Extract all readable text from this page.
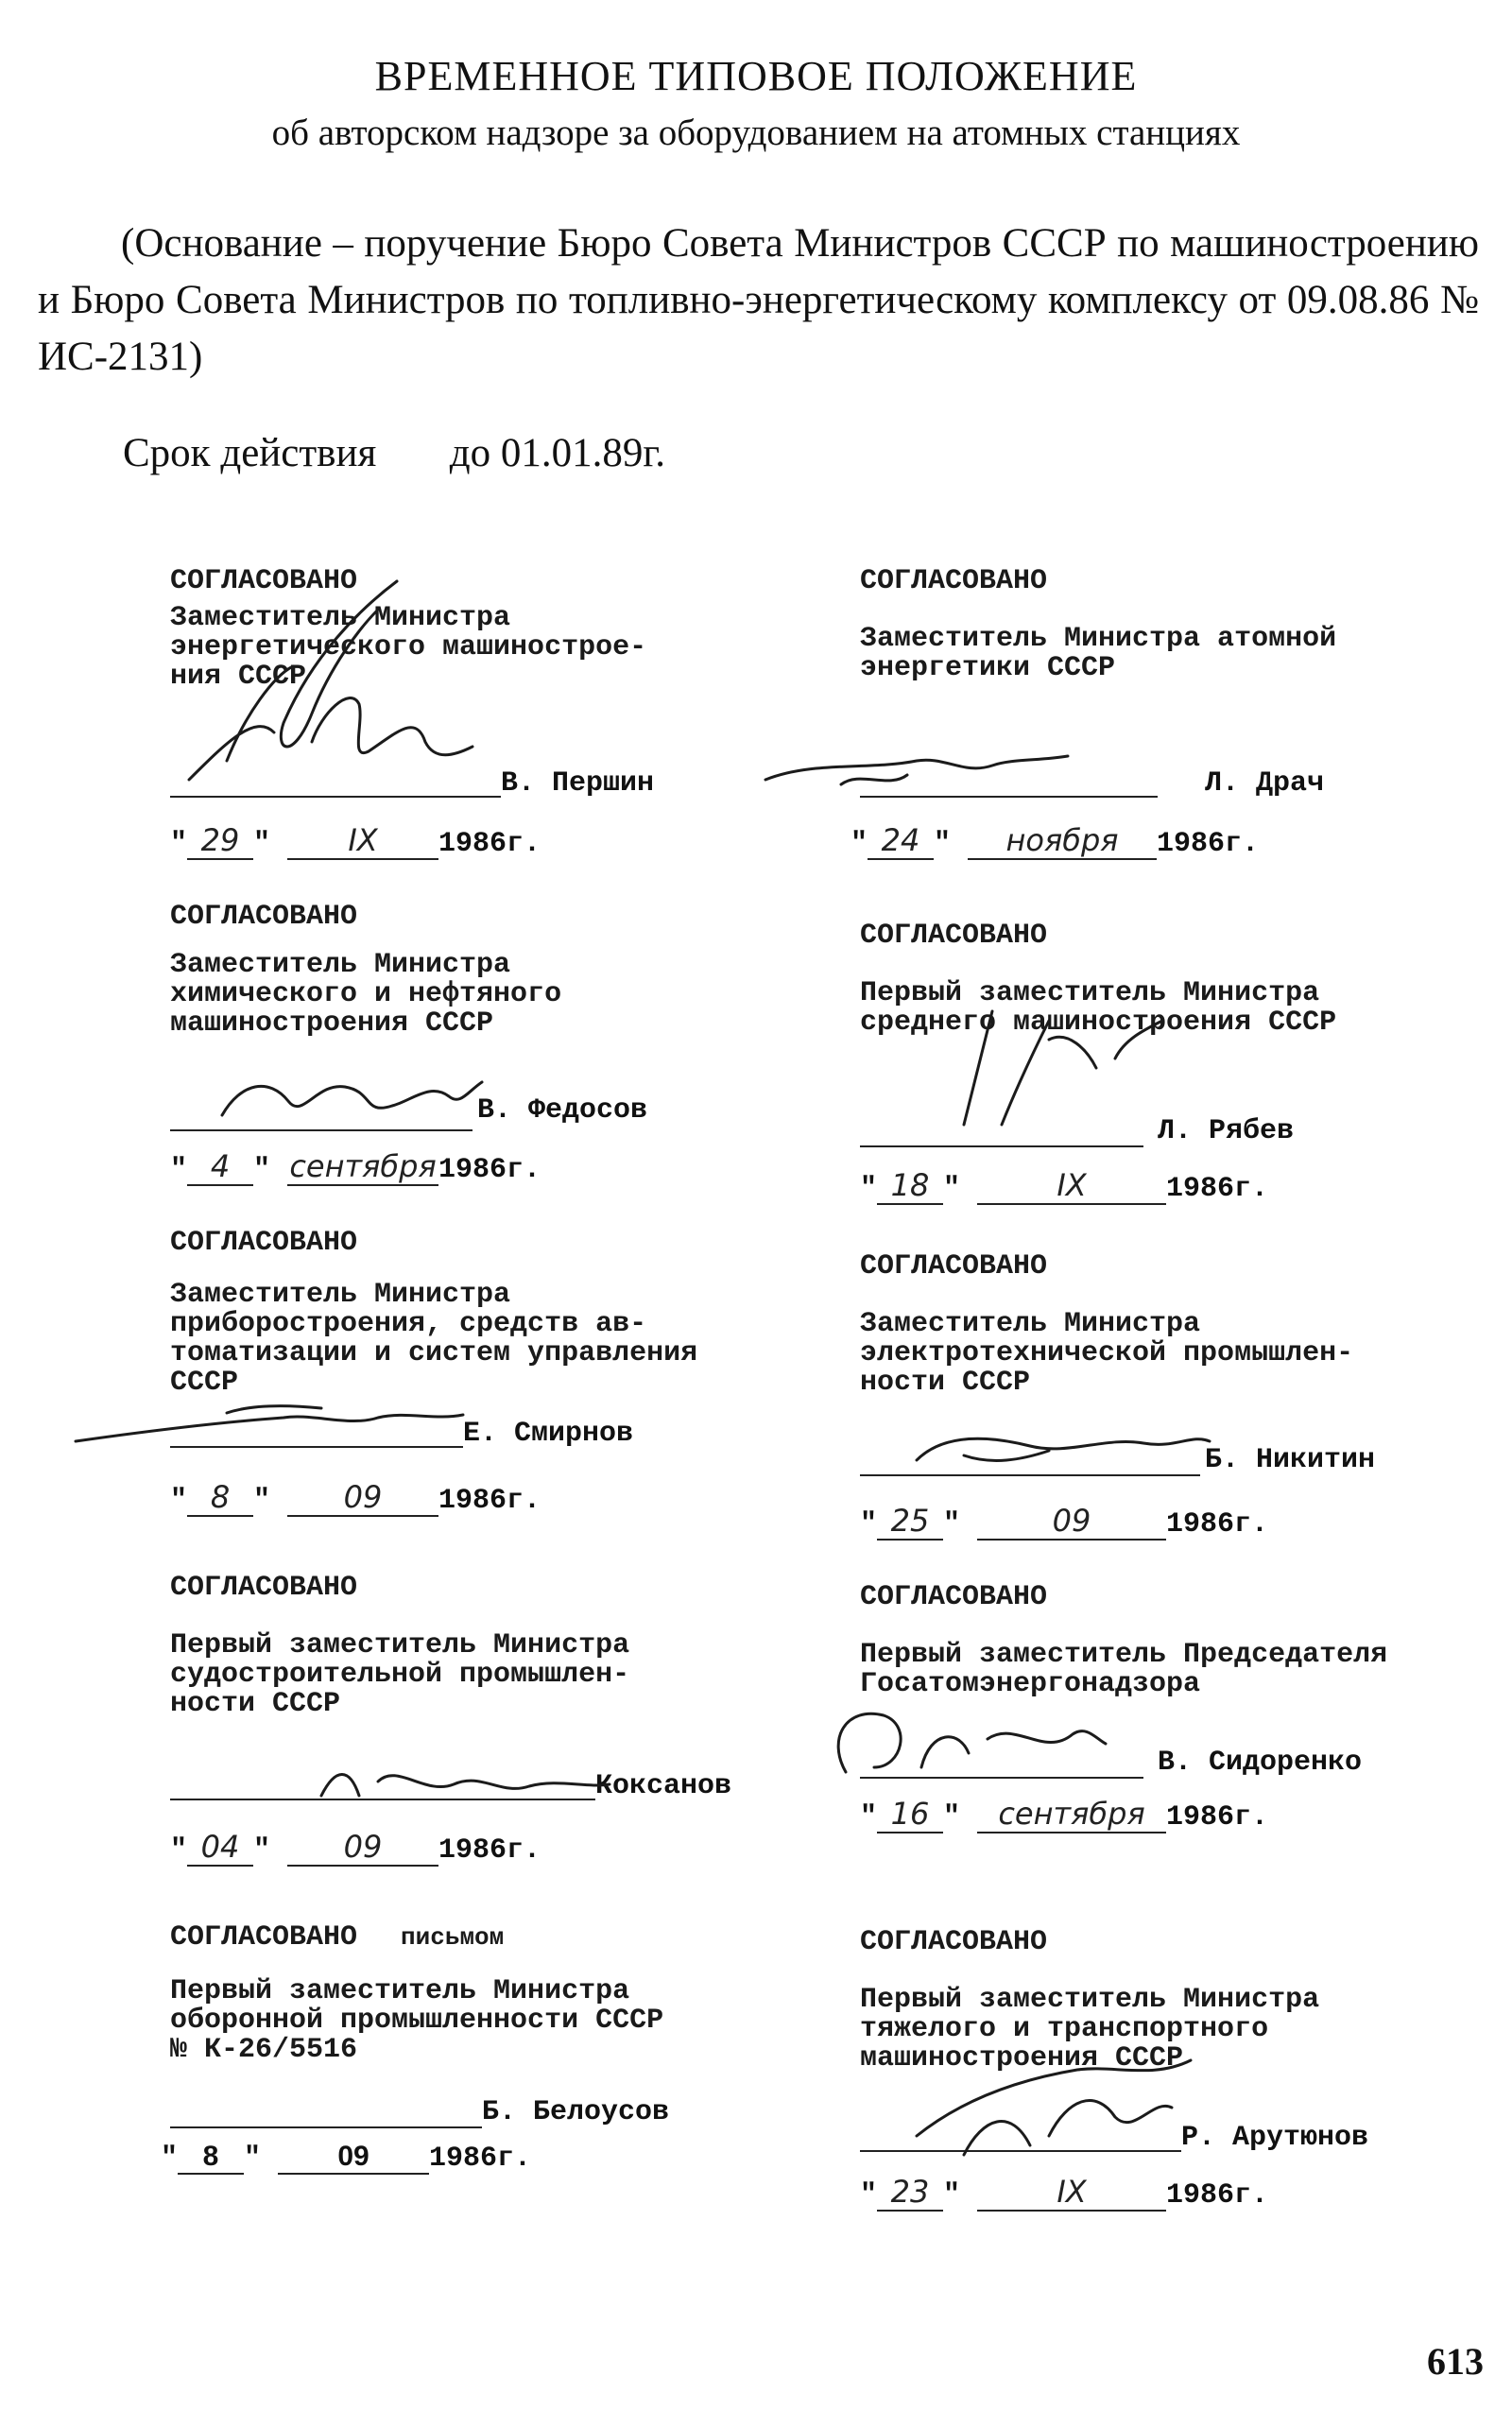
ВРЕМЕННОЕ ТИПОВОЕ ПОЛОЖЕНИЕ
об авторском надзоре за оборудованием на атомных станциях
(Основание – поручение Бюро Совета Министров СССР по машиностроению и Бюро Совета Министров по топливно-энергетическому комплексу от 09.08.86 № ИС-2131)
Срок действия до 01.01.89г.
СОГЛАСОВАНО
Заместитель Министра
энергетического машинострое-
ния СССР
В. Першин
" 29 " IX 1986г.
СОГЛАСОВАНО
Заместитель Министра
химического и нефтяного
машиностроения СССР
В. Федосов
" 4 " сентября1986г.
СОГЛАСОВАНО
Заместитель Министра
приборостроения, средств ав-
томатизации и систем управления
СССР
Е. Смирнов
" 8 " 09 1986г.
СОГЛАСОВАНО
Первый заместитель Министра
судостроительной промышлен-
ности СССР
Коксанов
" 04 " 09 1986г.
СОГЛАСОВАНО письмом
Первый заместитель Министра
оборонной промышленности СССР
№ К-26/5516
Б. Белоусов
" 8 " 09 1986г.
СОГЛАСОВАНО
Заместитель Министра атомной
энергетики СССР
Л. Драч
" 24 " ноября 1986г.
СОГЛАСОВАНО
Первый заместитель Министра
среднего машиностроения СССР
Л. Рябев
" 18 "	IX	1986г.
СОГЛАСОВАНО
Заместитель Министра
электротехнической промышлен-
ности СССР
Б. Никитин
" 25 " 09	1986г.
СОГЛАСОВАНО
Первый заместитель Председателя
Госатомэнергонадзора
В. Сидоренко
" 16 " сентября 1986г.
СОГЛАСОВАНО
Первый заместитель Министра
тяжелого и транспортного
машиностроения СССР
Р. Арутюнов
" 23 "	IX	1986г.
613
